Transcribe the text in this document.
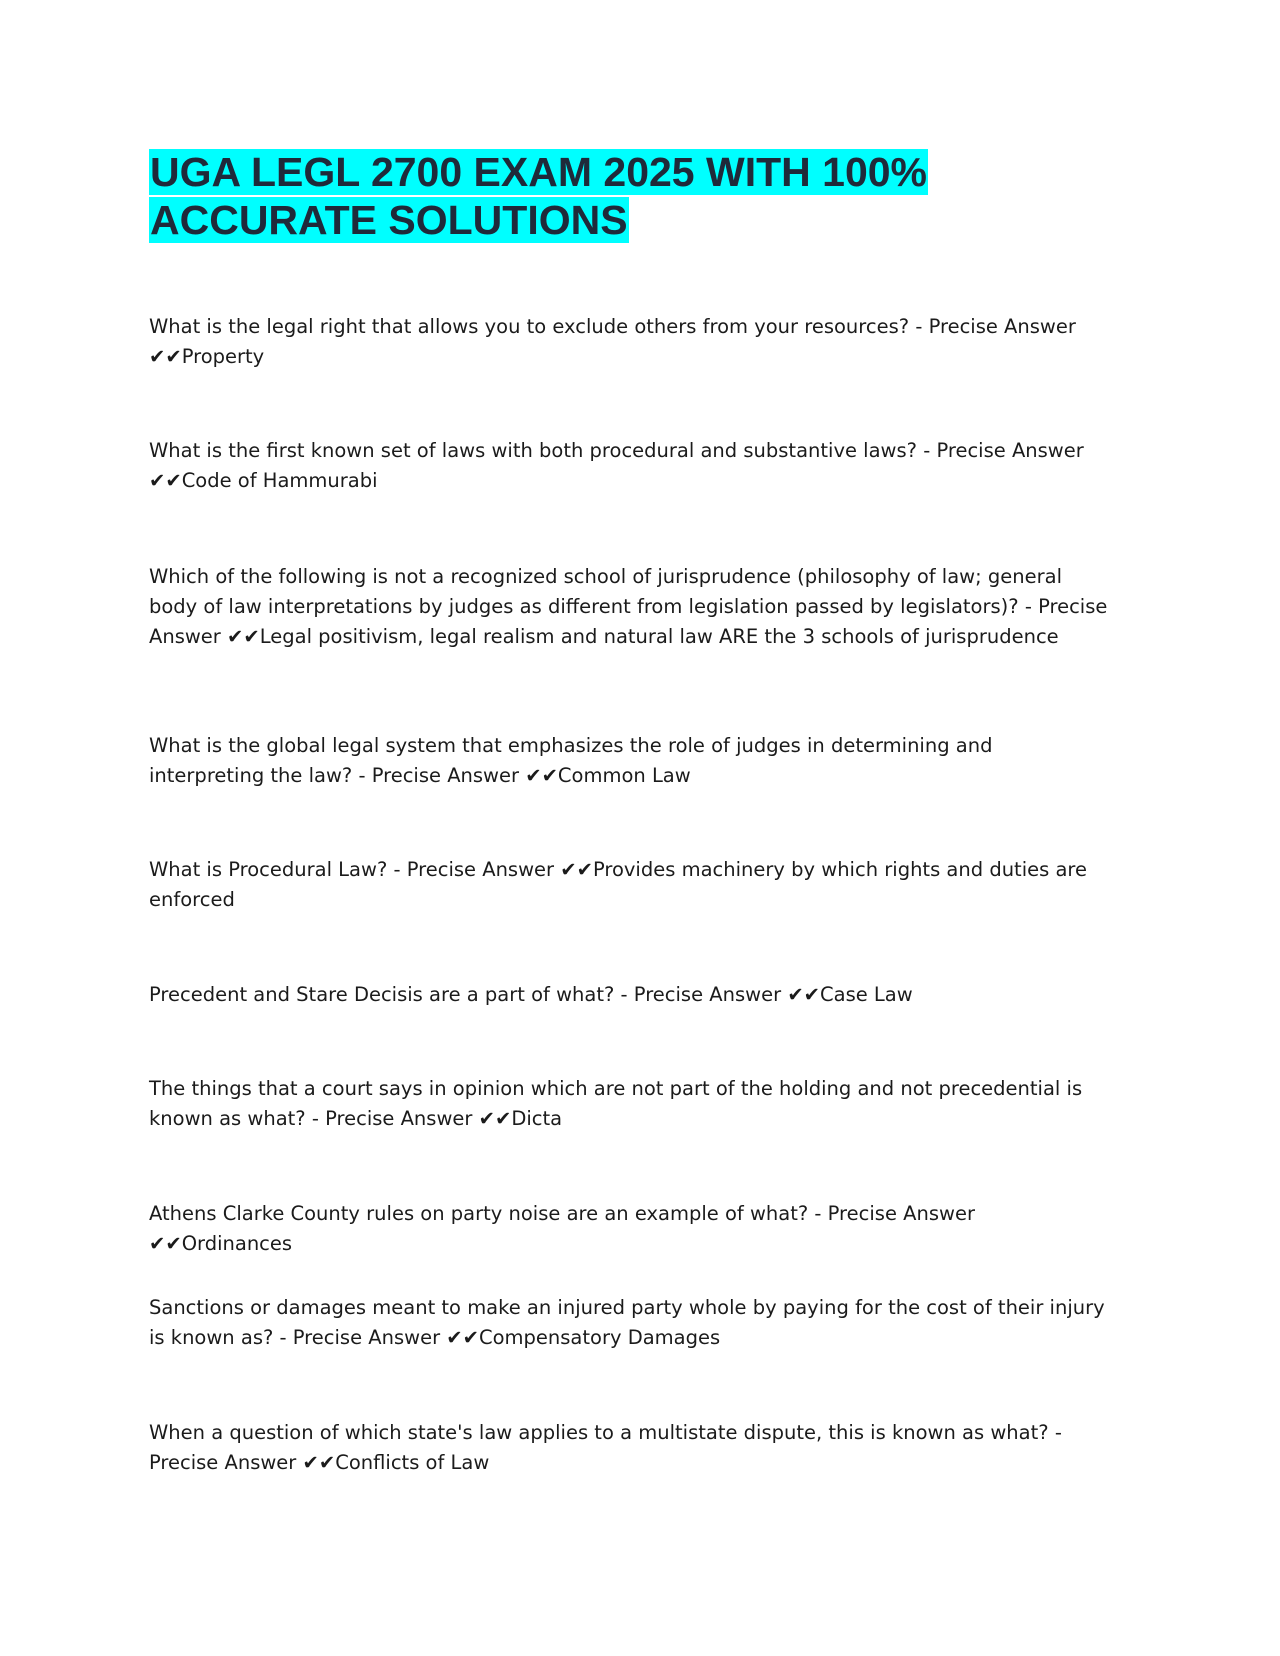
UGA LEGL 2700 EXAM 2025 WITH 100% ACCURATE SOLUTIONS

What is the legal right that allows you to exclude others from your resources? - Precise Answer ✔✔Property

What is the first known set of laws with both procedural and substantive laws? - Precise Answer ✔✔Code of Hammurabi

Which of the following is not a recognized school of jurisprudence (philosophy of law; general body of law interpretations by judges as different from legislation passed by legislators)? - Precise Answer ✔✔Legal positivism, legal realism and natural law ARE the 3 schools of jurisprudence

What is the global legal system that emphasizes the role of judges in determining and interpreting the law? - Precise Answer ✔✔Common Law

What is Procedural Law? - Precise Answer ✔✔Provides machinery by which rights and duties are enforced

Precedent and Stare Decisis are a part of what? - Precise Answer ✔✔Case Law

The things that a court says in opinion which are not part of the holding and not precedential is known as what? - Precise Answer ✔✔Dicta

Athens Clarke County rules on party noise are an example of what? - Precise Answer ✔✔Ordinances

Sanctions or damages meant to make an injured party whole by paying for the cost of their injury is known as? - Precise Answer ✔✔Compensatory Damages

When a question of which state's law applies to a multistate dispute, this is known as what? - Precise Answer ✔✔Conflicts of Law
